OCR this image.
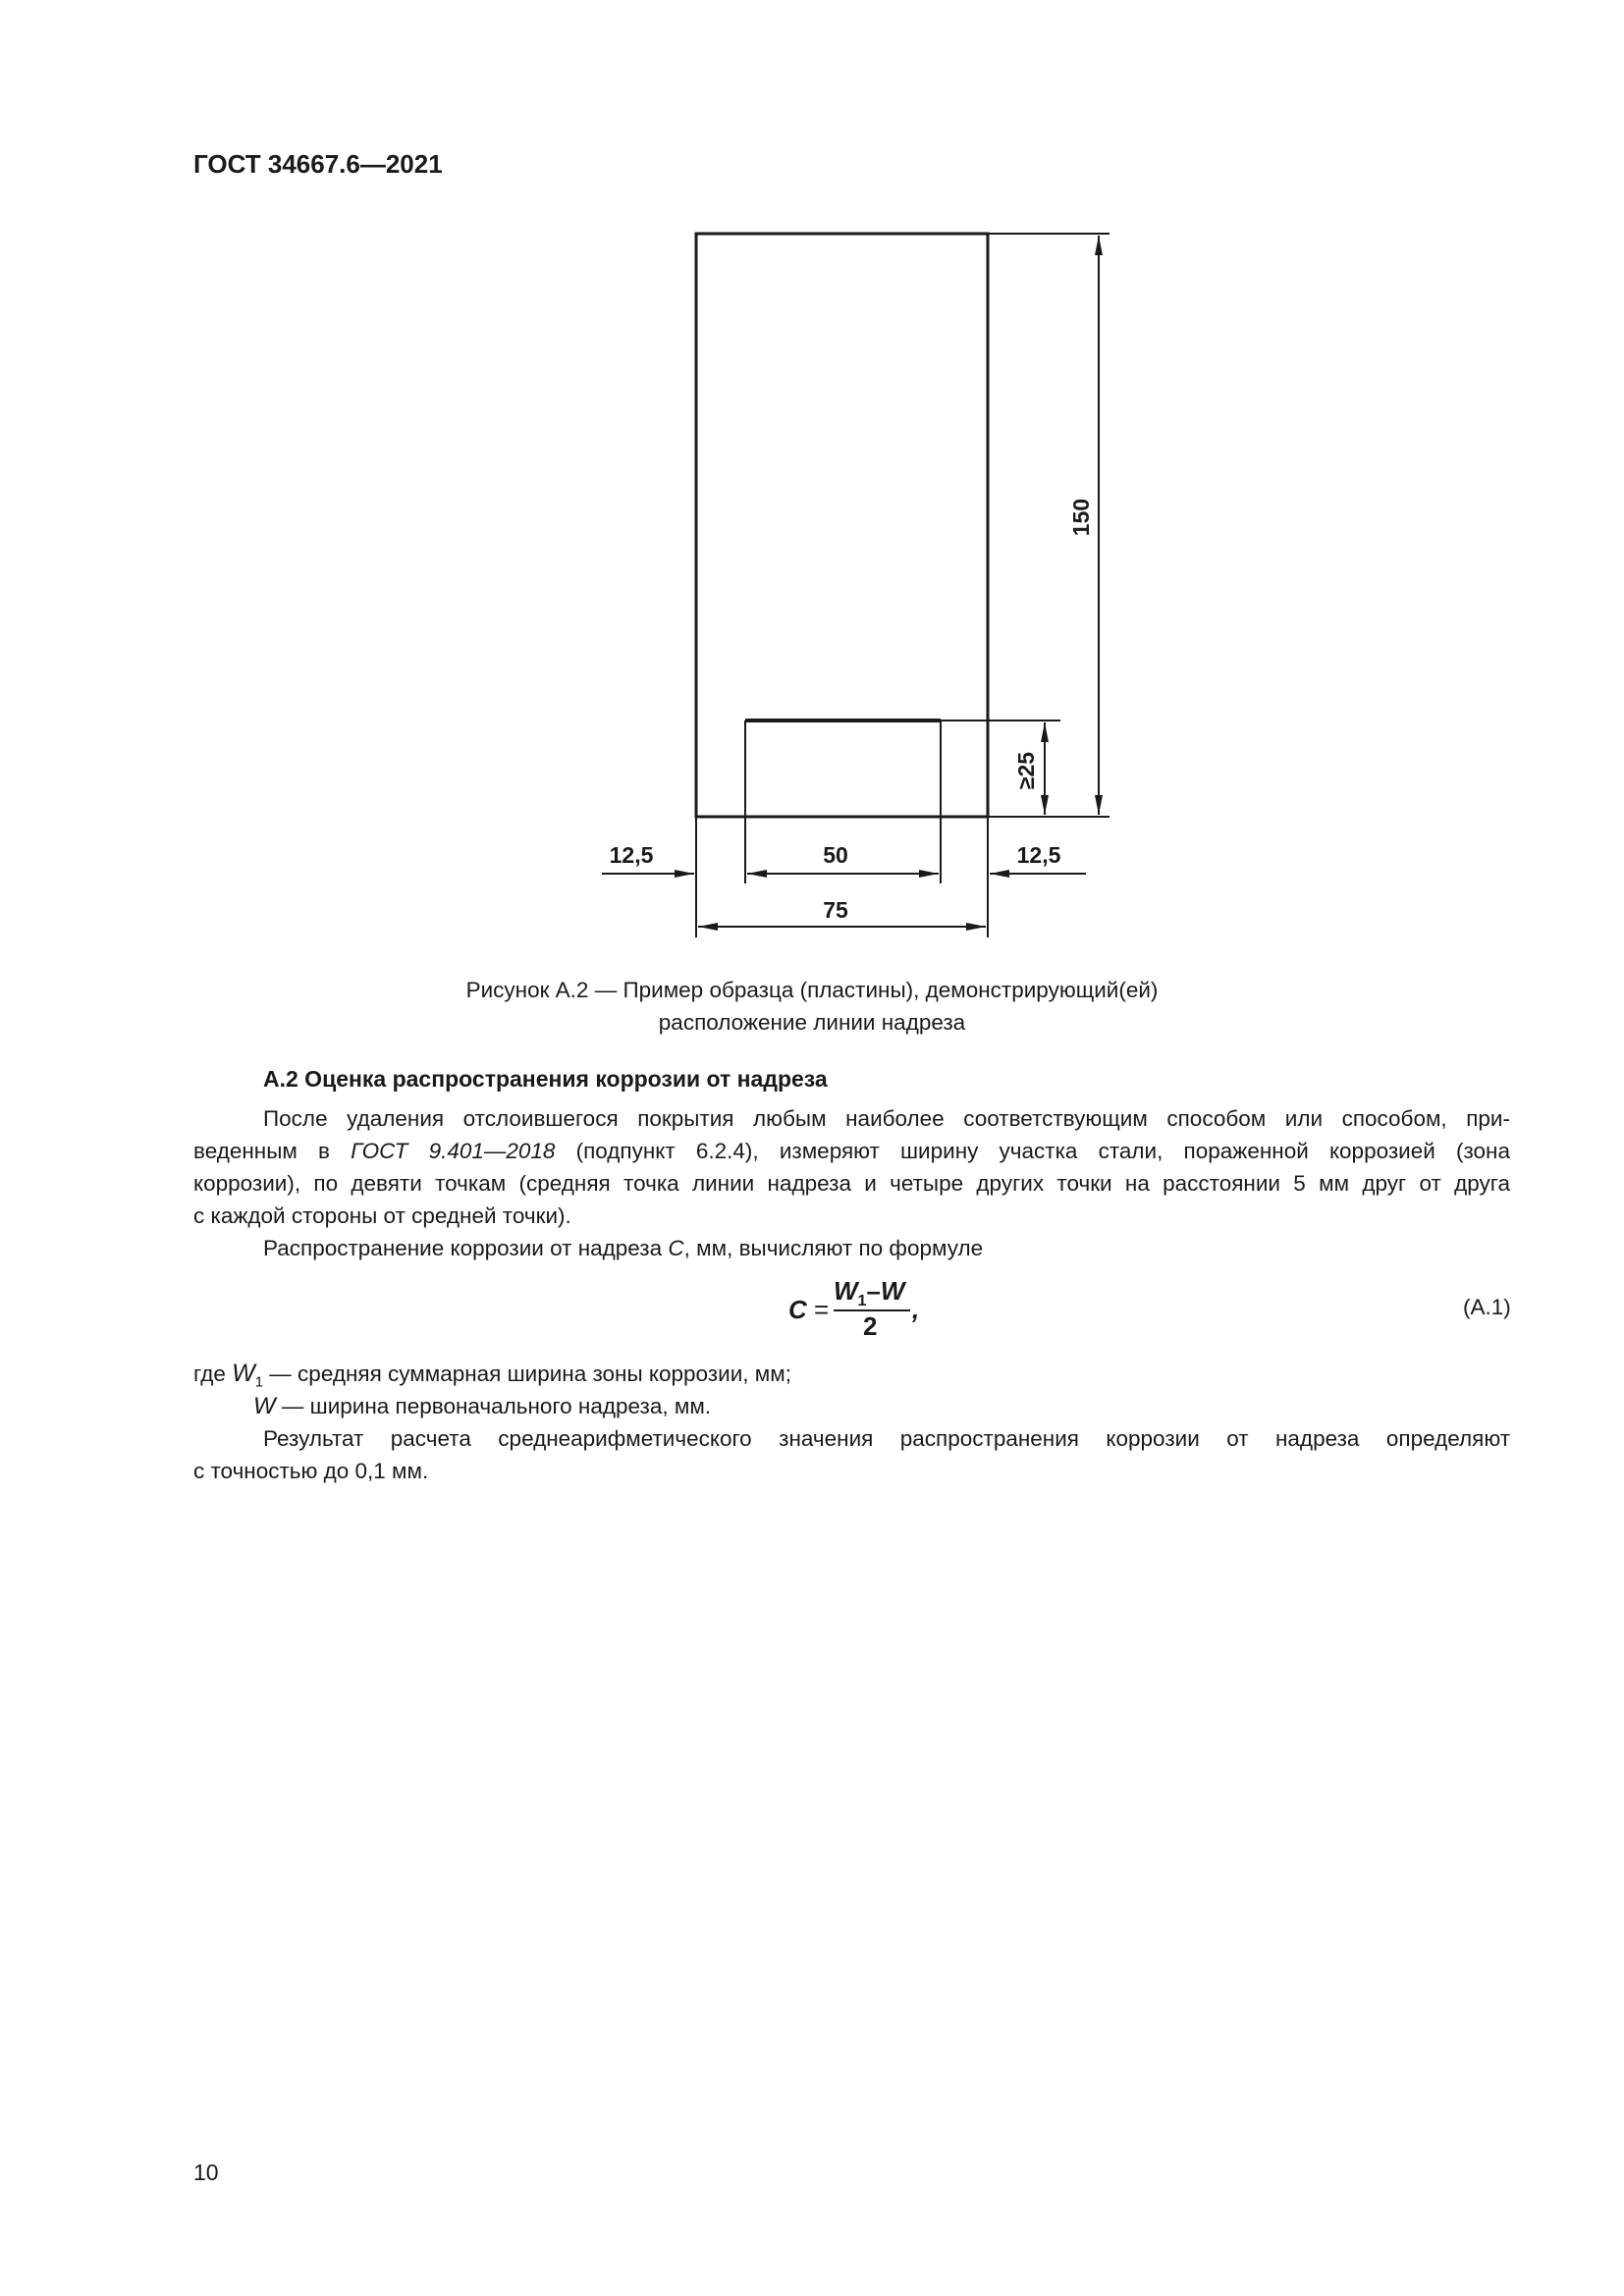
ГОСТ 34667.6—2021
150
≥25
12,5	50	12,5
75
Рисунок А.2 — Пример образца (пластины), демонстрирующий(ей)
расположение линии надреза
А.2 Оценка распространения коррозии от надреза
После удаления отслоившегося покрытия любым наиболее соответствующим способом или способом, при-
веденным в ГОСТ 9.401—2018 (подпункт 6.2.4), измеряют ширину участка стали, пораженной коррозией (зона
коррозии), по девяти точкам (средняя точка линии надреза и четыре других точки на расстоянии 5 мм друг от друга
с каждой стороны от средней точки).
Распространение коррозии от надреза C, мм, вычисляют по формуле
C =
$W_1-W$
2
,	(А.1)
где $W_1$ — средняя суммарная ширина зоны коррозии, мм;
W — ширина первоначального надреза, мм.
Результат расчета среднеарифметического значения распространения коррозии от надреза определяют
с точностью до 0,1 мм.
10
